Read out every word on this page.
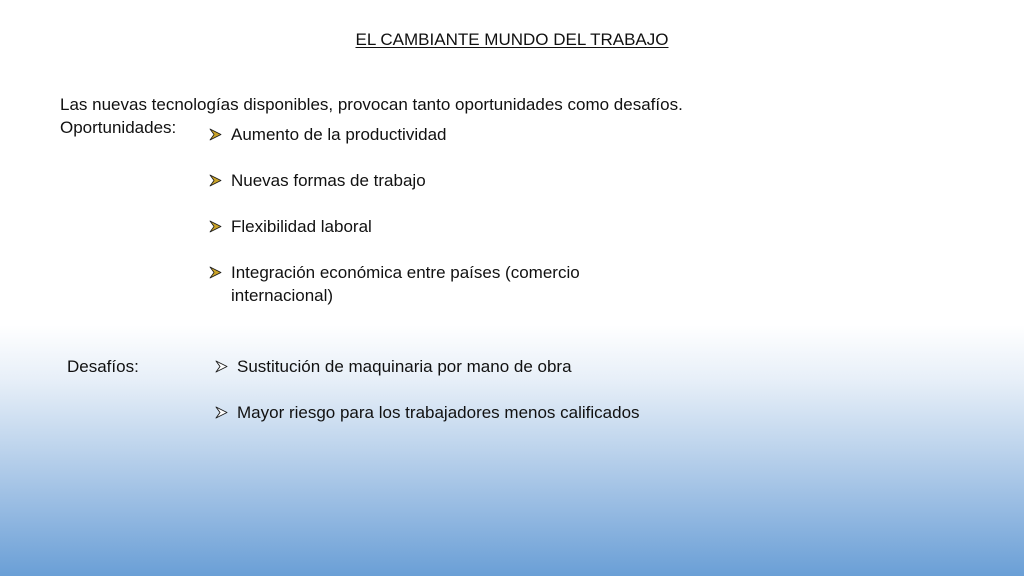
EL CAMBIANTE MUNDO DEL TRABAJO
Las nuevas tecnologías disponibles, provocan tanto oportunidades como desafíos.
Oportunidades:	Aumento de la productividad
Nuevas formas de trabajo
Flexibilidad laboral
Integración económica entre países (comercio internacional)
Desafíos:	Sustitución de maquinaria por mano de obra
Mayor riesgo para los trabajadores menos calificados
